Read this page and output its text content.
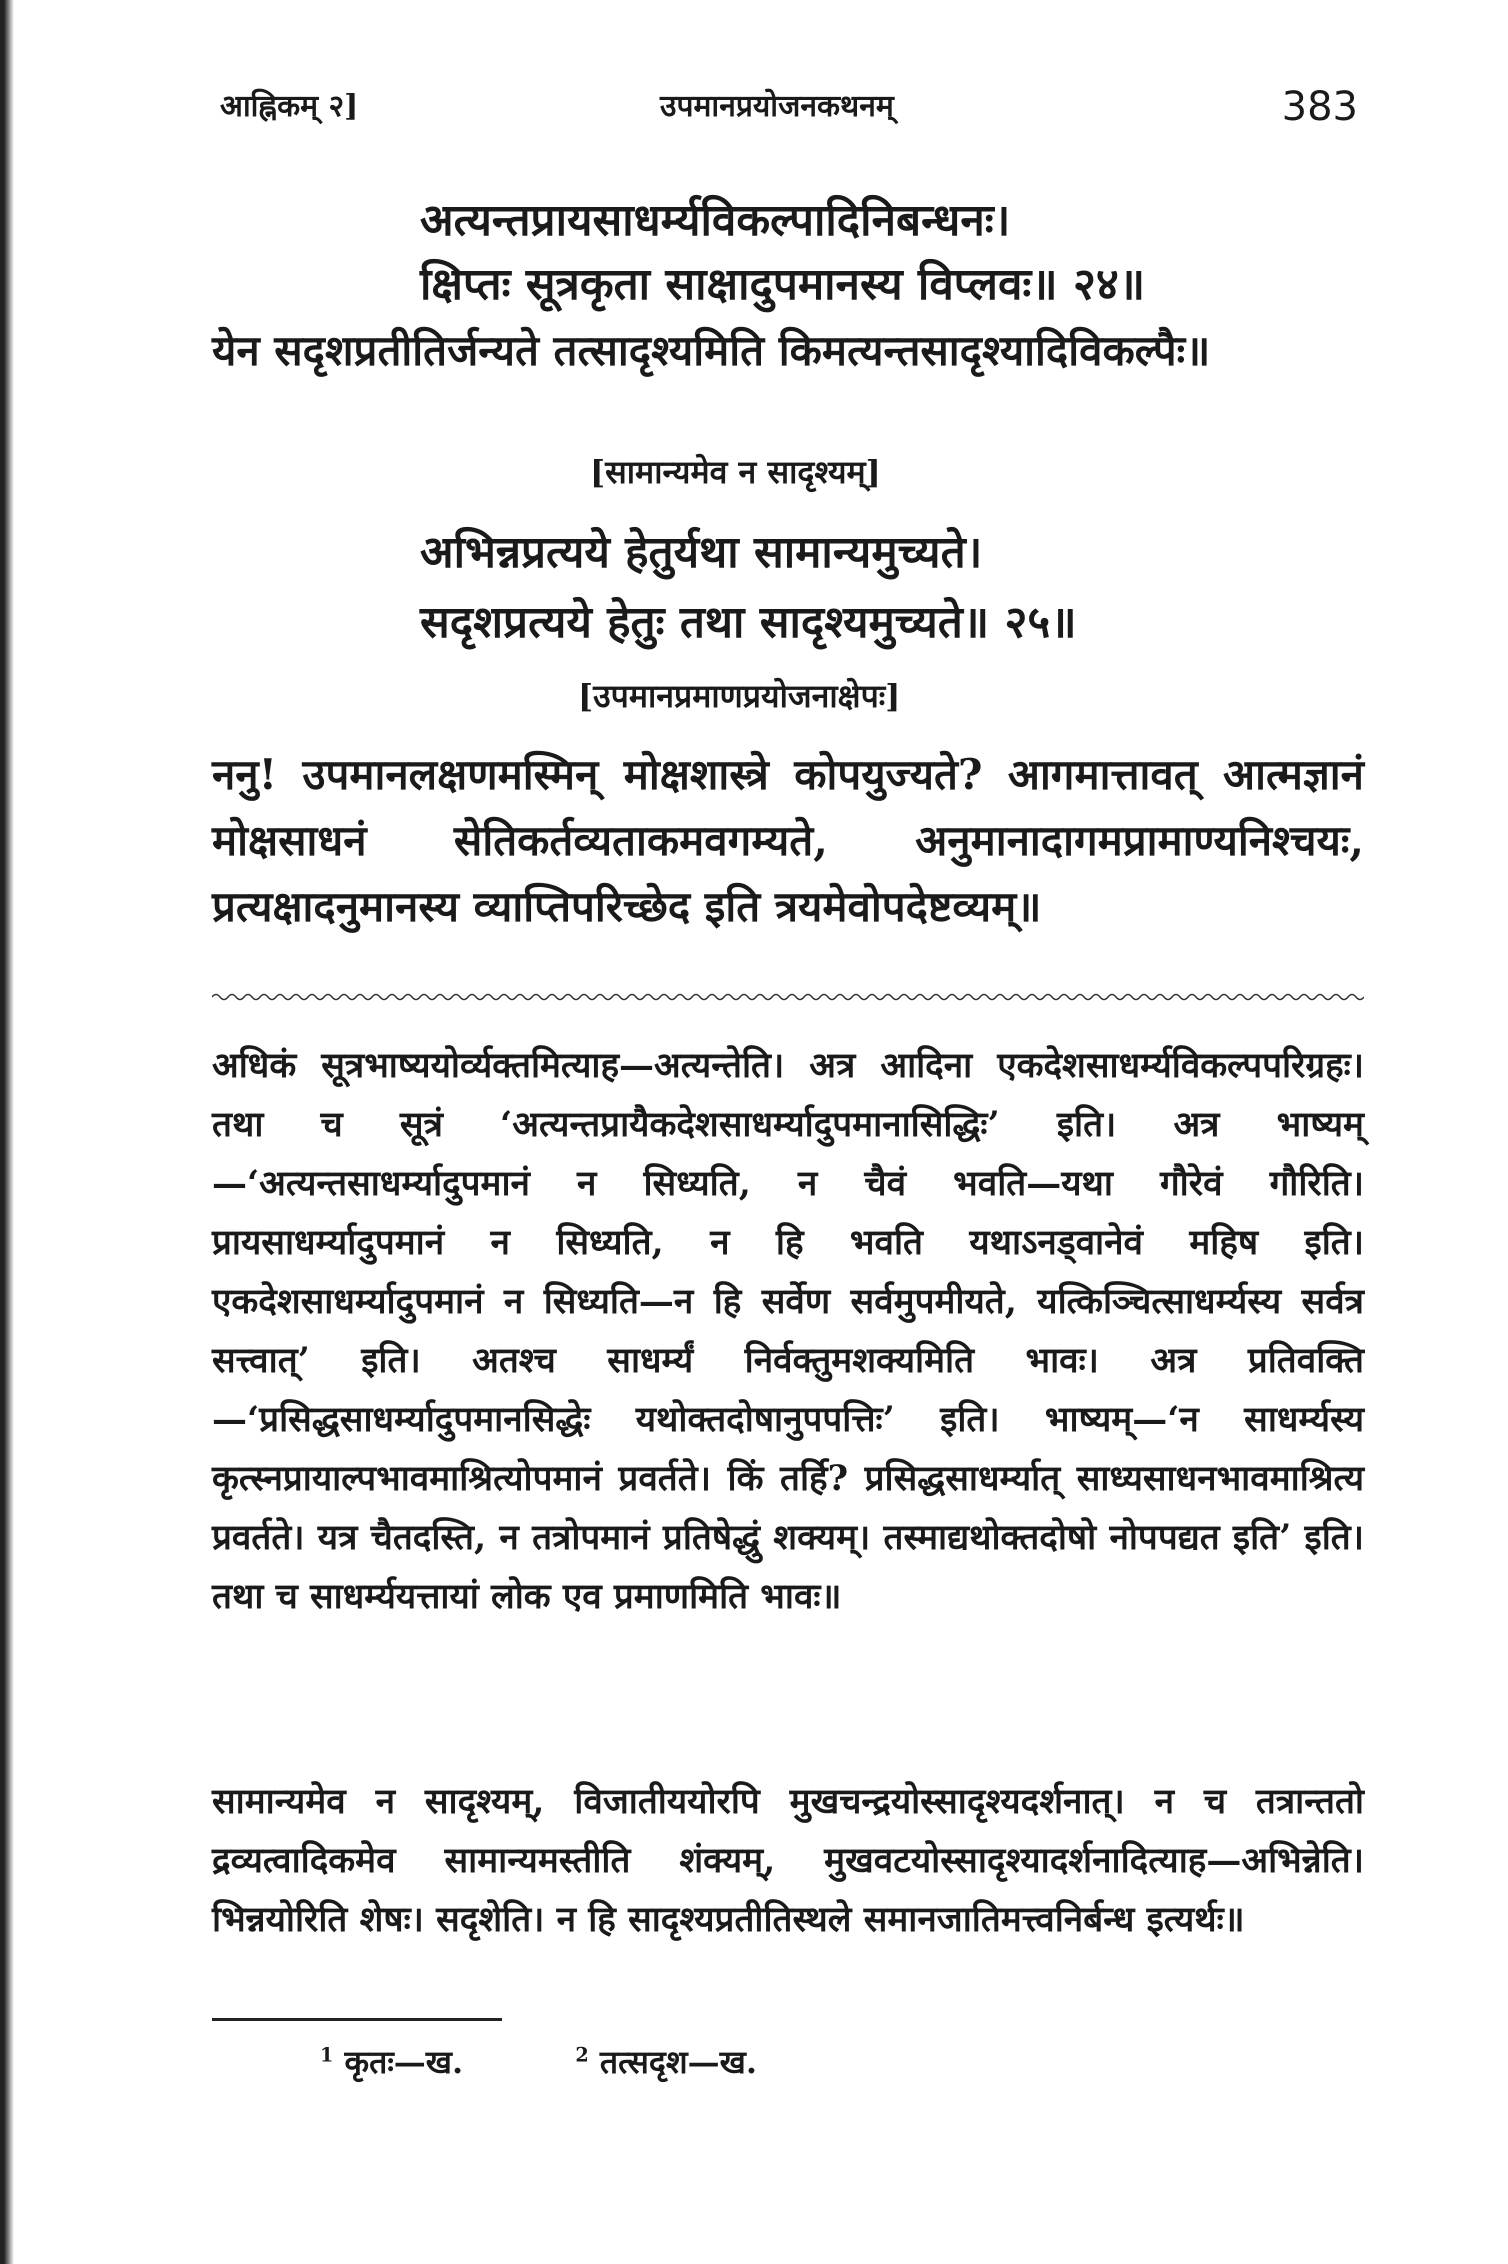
आह्निकम् २]	उपमानप्रयोजनकथनम्	383
अत्यन्तप्रायसाधर्म्यविकल्पादिनिबन्धनः।
क्षिप्तः सूत्रकृता साक्षादुपमानस्य विप्लवः॥ २४॥
येन सदृशप्रतीतिर्जन्यते तत्सादृश्यमिति किमत्यन्तसादृश्यादिविकल्पैः॥
[सामान्यमेव न सादृश्यम्]
अभिन्नप्रत्यये हेतुर्यथा सामान्यमुच्यते।
सदृशप्रत्यये हेतुः तथा सादृश्यमुच्यते॥ २५॥
[उपमानप्रमाणप्रयोजनाक्षेपः]
ननु! उपमानलक्षणमस्मिन् मोक्षशास्त्रे कोपयुज्यते? आगमात्तावत् आत्मज्ञानं मोक्षसाधनं सेतिकर्तव्यताकमवगम्यते, अनुमानादागमप्रामाण्यनिश्चयः, प्रत्यक्षादनुमानस्य व्याप्तिपरिच्छेद इति त्रयमेवोपदेष्टव्यम्॥
अधिकं सूत्रभाष्ययोर्व्यक्तमित्याह—अत्यन्तेति। अत्र आदिना एकदेशसाधर्म्यविकल्पपरिग्रहः। तथा च सूत्रं ‘अत्यन्तप्रायैकदेशसाधर्म्यादुपमानासिद्धिः’ इति। अत्र भाष्यम्—‘अत्यन्तसाधर्म्यादुपमानं न सिध्यति, न चैवं भवति—यथा गौरेवं गौरिति। प्रायसाधर्म्यादुपमानं न सिध्यति, न हि भवति यथाऽनड्वानेवं महिष इति। एकदेशसाधर्म्यादुपमानं न सिध्यति—न हि सर्वेण सर्वमुपमीयते, यत्किञ्चित्साधर्म्यस्य सर्वत्र सत्त्वात्’ इति। अतश्च साधर्म्यं निर्वक्तुमशक्यमिति भावः। अत्र प्रतिवक्ति—‘प्रसिद्धसाधर्म्यादुपमानसिद्धेः यथोक्तदोषानुपपत्तिः’ इति। भाष्यम्—‘न साधर्म्यस्य कृत्स्नप्रायाल्पभावमाश्रित्योपमानं प्रवर्तते। किं तर्हि? प्रसिद्धसाधर्म्यात् साध्यसाधनभावमाश्रित्य प्रवर्तते। यत्र चैतदस्ति, न तत्रोपमानं प्रतिषेद्धुं शक्यम्। तस्माद्यथोक्तदोषो नोपपद्यत इति’ इति। तथा च साधर्म्ययत्तायां लोक एव प्रमाणमिति भावः॥
सामान्यमेव न सादृश्यम्, विजातीययोरपि मुखचन्द्रयोस्सादृश्यदर्शनात्। न च तत्रान्ततो द्रव्यत्वादिकमेव सामान्यमस्तीति शंक्यम्, मुखवटयोस्सादृश्यादर्शनादित्याह—अभिन्नेति। भिन्नयोरिति शेषः। सदृशेति। न हि सादृश्यप्रतीतिस्थले समानजातिमत्त्वनिर्बन्ध इत्यर्थः॥
$^1$ कृतः—ख.	$^2$ तत्सदृश—ख.
